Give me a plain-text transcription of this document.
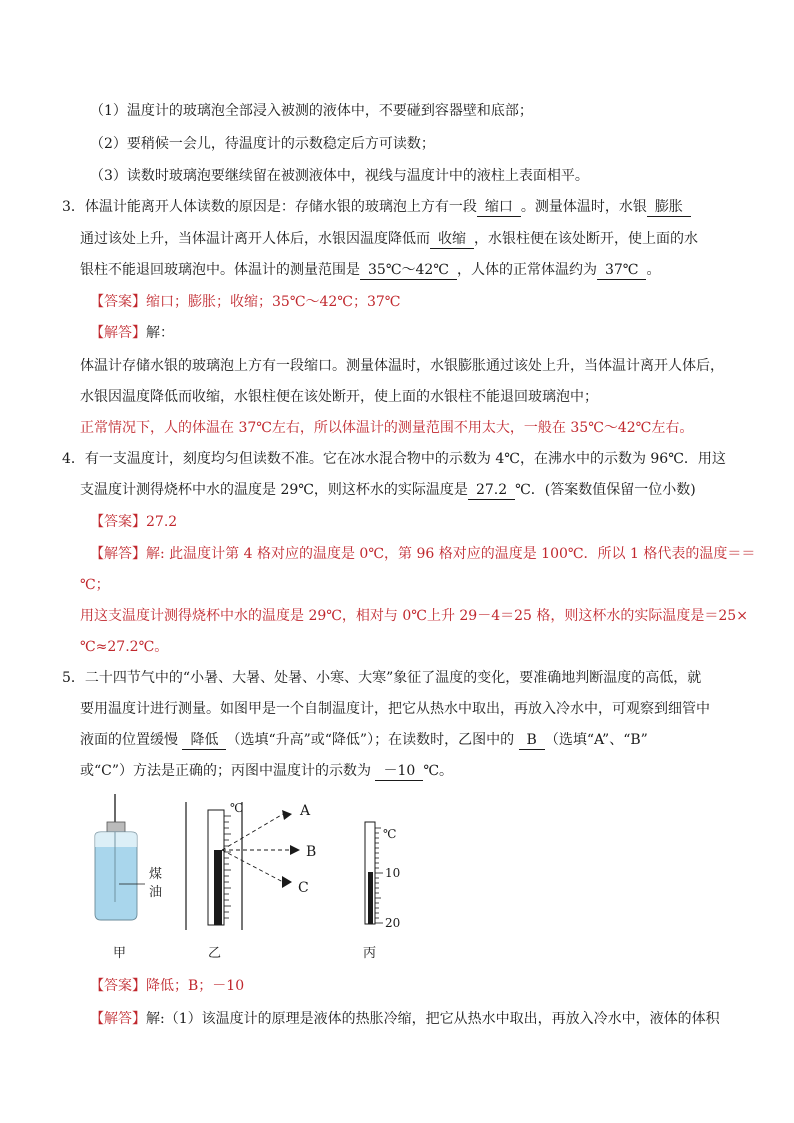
（1）温度计的玻璃泡全部浸入被测的液体中，不要碰到容器壁和底部；
（2）要稍候一会儿，待温度计的示数稳定后方可读数；
（3）读数时玻璃泡要继续留在被测液体中，视线与温度计中的液柱上表面相平。
3．体温计能离开人体读数的原因是：存储水银的玻璃泡上方有一段 缩口 。测量体温时，水银 膨胀
通过该处上升，当体温计离开人体后，水银因温度降低而 收缩 ，水银柱便在该处断开，使上面的水
银柱不能退回玻璃泡中。体温计的测量范围是 35℃～42℃ ，人体的正常体温约为 37℃ 。
【答案】缩口；膨胀；收缩；35℃～42℃；37℃
【解答】解：
体温计存储水银的玻璃泡上方有一段缩口。测量体温时，水银膨胀通过该处上升，当体温计离开人体后，
水银因温度降低而收缩，水银柱便在该处断开，使上面的水银柱不能退回玻璃泡中；
正常情况下，人的体温在 37℃左右，所以体温计的测量范围不用太大，一般在 35℃～42℃左右。
4．有一支温度计，刻度均匀但读数不准。它在冰水混合物中的示数为 4℃，在沸水中的示数为 96℃．用这
支温度计测得烧杯中水的温度是 29℃，则这杯水的实际温度是 27.2 ℃．(答案数值保留一位小数)
【答案】27.2
【解答】解: 此温度计第 4 格对应的温度是 0℃，第 96 格对应的温度是 100℃．所以 1 格代表的温度＝＝
℃；
用这支温度计测得烧杯中水的温度是 29℃，相对与 0℃上升 29－4＝25 格，则这杯水的实际温度是＝25×
℃≈27.2℃。
5．二十四节气中的“小暑、大暑、处暑、小寒、大寒”象征了温度的变化，要准确地判断温度的高低，就
要用温度计进行测量。如图甲是一个自制温度计，把它从热水中取出，再放入冷水中，可观察到细管中
液面的位置缓慢 降低 （选填“升高”或“降低”）；在读数时，乙图中的 B （选填“A”、“B”
或“C”）方法是正确的；丙图中温度计的示数为 －10 ℃。
煤
油
甲
℃	A
B
C
乙
℃
10
20
丙
【答案】降低；B；－10
【解答】解:（1）该温度计的原理是液体的热胀冷缩，把它从热水中取出，再放入冷水中，液体的体积
